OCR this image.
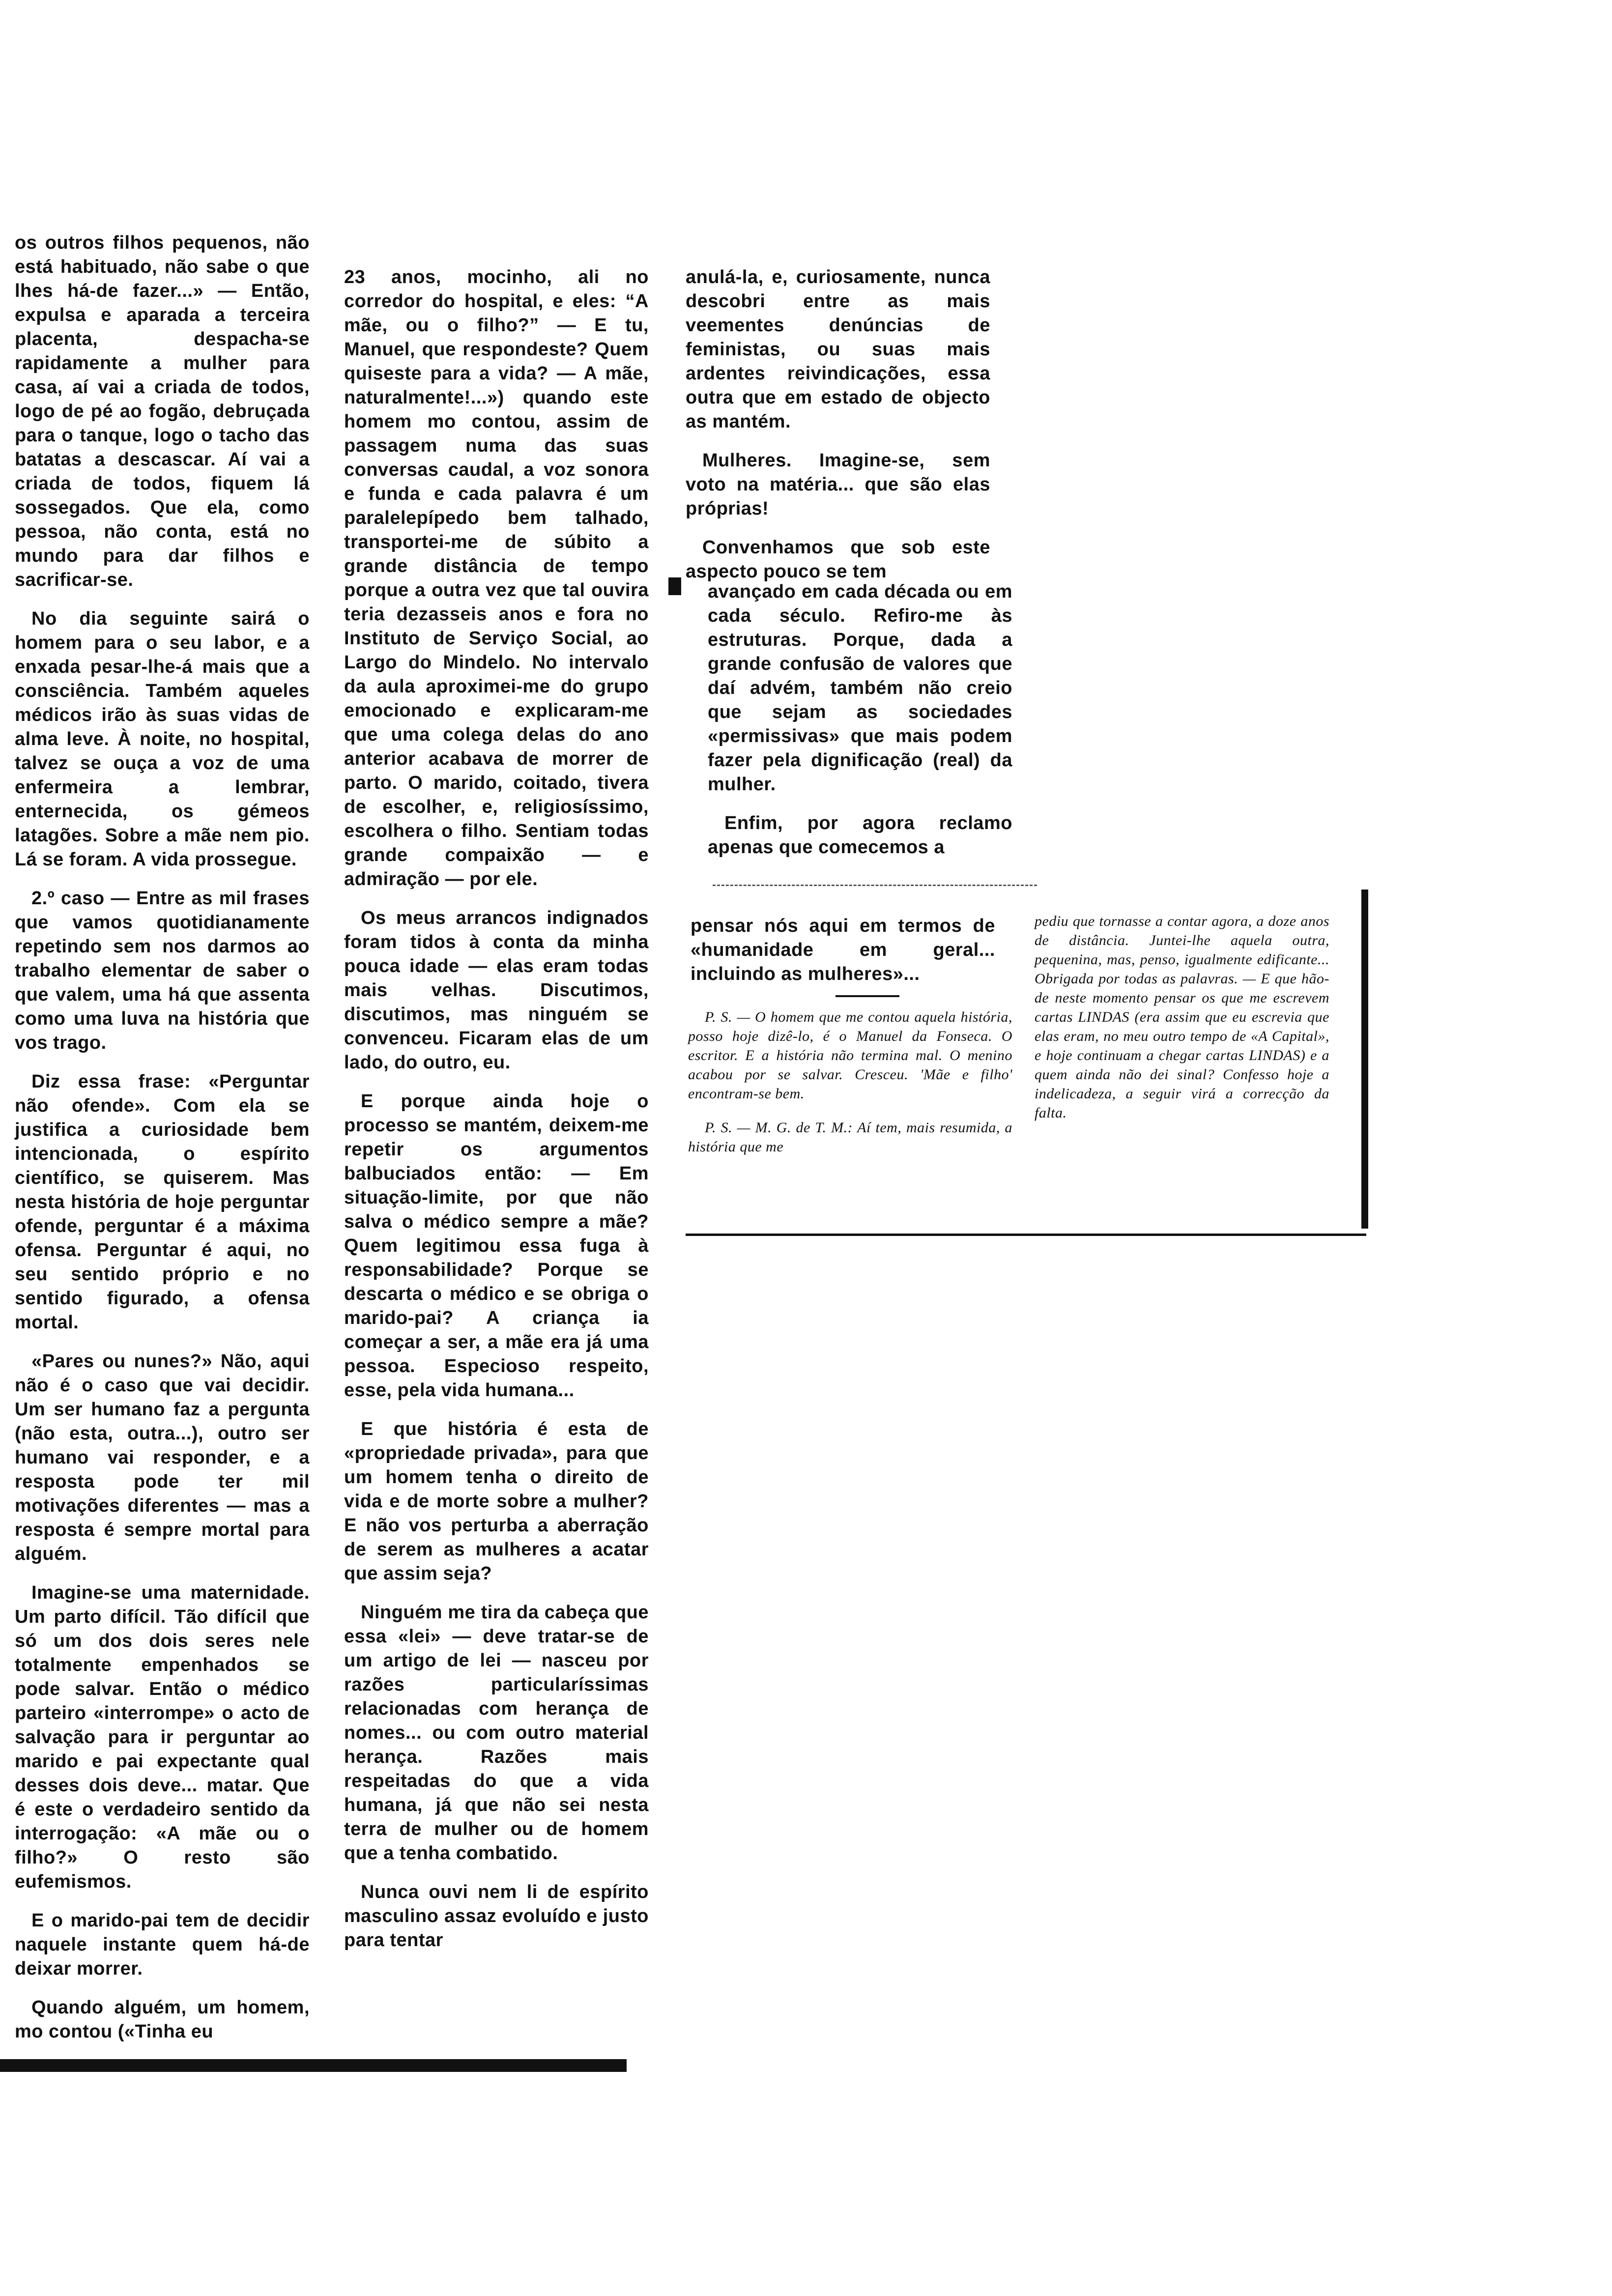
os outros filhos pequenos, não está habituado, não sabe o que lhes há-de fazer...» — Então, expulsa e aparada a terceira placenta, despacha-se rapidamente a mulher para casa, aí vai a criada de todos, logo de pé ao fogão, debruçada para o tanque, logo o tacho das batatas a descascar. Aí vai a criada de todos, fiquem lá sossegados. Que ela, como pessoa, não conta, está no mundo para dar filhos e sacrificar-se.

No dia seguinte sairá o homem para o seu labor, e a enxada pesar-lhe-á mais que a consciência. Também aqueles médicos irão às suas vidas de alma leve. À noite, no hospital, talvez se ouça a voz de uma enfermeira a lembrar, enternecida, os gémeos latagões. Sobre a mãe nem pio. Lá se foram. A vida prossegue.

2.º caso — Entre as mil frases que vamos quotidianamente repetindo sem nos darmos ao trabalho elementar de saber o que valem, uma há que assenta como uma luva na história que vos trago.

Diz essa frase: «Perguntar não ofende». Com ela se justifica a curiosidade bem intencionada, o espírito científico, se quiserem. Mas nesta história de hoje perguntar ofende, perguntar é a máxima ofensa. Perguntar é aqui, no seu sentido próprio e no sentido figurado, a ofensa mortal.

«Pares ou nunes?» Não, aqui não é o caso que vai decidir. Um ser humano faz a pergunta (não esta, outra...), outro ser humano vai responder, e a resposta pode ter mil motivações diferentes — mas a resposta é sempre mortal para alguém.

Imagine-se uma maternidade. Um parto difícil. Tão difícil que só um dos dois seres nele totalmente empenhados se pode salvar. Então o médico parteiro «interrompe» o acto de salvação para ir perguntar ao marido e pai expectante qual desses dois deve... matar. Que é este o verdadeiro sentido da interrogação: «A mãe ou o filho?» O resto são eufemismos.

E o marido-pai tem de decidir naquele instante quem há-de deixar morrer.

Quando alguém, um homem, mo contou («Tinha eu

23 anos, mocinho, ali no corredor do hospital, e eles: “A mãe, ou o filho?” — E tu, Manuel, que respondeste? Quem quiseste para a vida? — A mãe, naturalmente!...») quando este homem mo contou, assim de passagem numa das suas conversas caudal, a voz sonora e funda e cada palavra é um paralelepípedo bem talhado, transportei-me de súbito a grande distância de tempo porque a outra vez que tal ouvira teria dezasseis anos e fora no Instituto de Serviço Social, ao Largo do Mindelo. No intervalo da aula aproximei-me do grupo emocionado e explicaram-me que uma colega delas do ano anterior acabava de morrer de parto. O marido, coitado, tivera de escolher, e, religiosíssimo, escolhera o filho. Sentiam todas grande compaixão — e admiração — por ele.

Os meus arrancos indignados foram tidos à conta da minha pouca idade — elas eram todas mais velhas. Discutimos, discutimos, mas ninguém se convenceu. Ficaram elas de um lado, do outro, eu.

E porque ainda hoje o processo se mantém, deixem-me repetir os argumentos balbuciados então: — Em situação-limite, por que não salva o médico sempre a mãe? Quem legitimou essa fuga à responsabilidade? Porque se descarta o médico e se obriga o marido-pai? A criança ia começar a ser, a mãe era já uma pessoa. Especioso respeito, esse, pela vida humana...

E que história é esta de «propriedade privada», para que um homem tenha o direito de vida e de morte sobre a mulher? E não vos perturba a aberração de serem as mulheres a acatar que assim seja?

Ninguém me tira da cabeça que essa «lei» — deve tratar-se de um artigo de lei — nasceu por razões particularíssimas relacionadas com herança de nomes... ou com outro material herança. Razões mais respeitadas do que a vida humana, já que não sei nesta terra de mulher ou de homem que a tenha combatido.

Nunca ouvi nem li de espírito masculino assaz evoluído e justo para tentar

anulá-la, e, curiosamente, nunca descobri entre as mais veementes denúncias de feministas, ou suas mais ardentes reivindicações, essa outra que em estado de objecto as mantém.

Mulheres. Imagine-se, sem voto na matéria... que são elas próprias!

Convenhamos que sob este aspecto pouco se tem

avançado em cada década ou em cada século. Refiro-me às estruturas. Porque, dada a grande confusão de valores que daí advém, também não creio que sejam as sociedades «permissivas» que mais podem fazer pela dignificação (real) da mulher.

Enfim, por agora reclamo apenas que comecemos a

pensar nós aqui em termos de «humanidade em geral... incluindo as mulheres»...

P. S. — O homem que me contou aquela história, posso hoje dizê-lo, é o Manuel da Fonseca. O escritor. E a história não termina mal. O menino acabou por se salvar. Cresceu. 'Mãe e filho' encontram-se bem.

P. S. — M. G. de T. M.: Aí tem, mais resumida, a história que me

pediu que tornasse a contar agora, a doze anos de distância. Juntei-lhe aquela outra, pequenina, mas, penso, igualmente edificante... Obrigada por todas as palavras. — E que hão-de neste momento pensar os que me escrevem cartas LINDAS (era assim que eu escrevia que elas eram, no meu outro tempo de «A Capital», e hoje continuam a chegar cartas LINDAS) e a quem ainda não dei sinal? Confesso hoje a indelicadeza, a seguir virá a correcção da falta.
